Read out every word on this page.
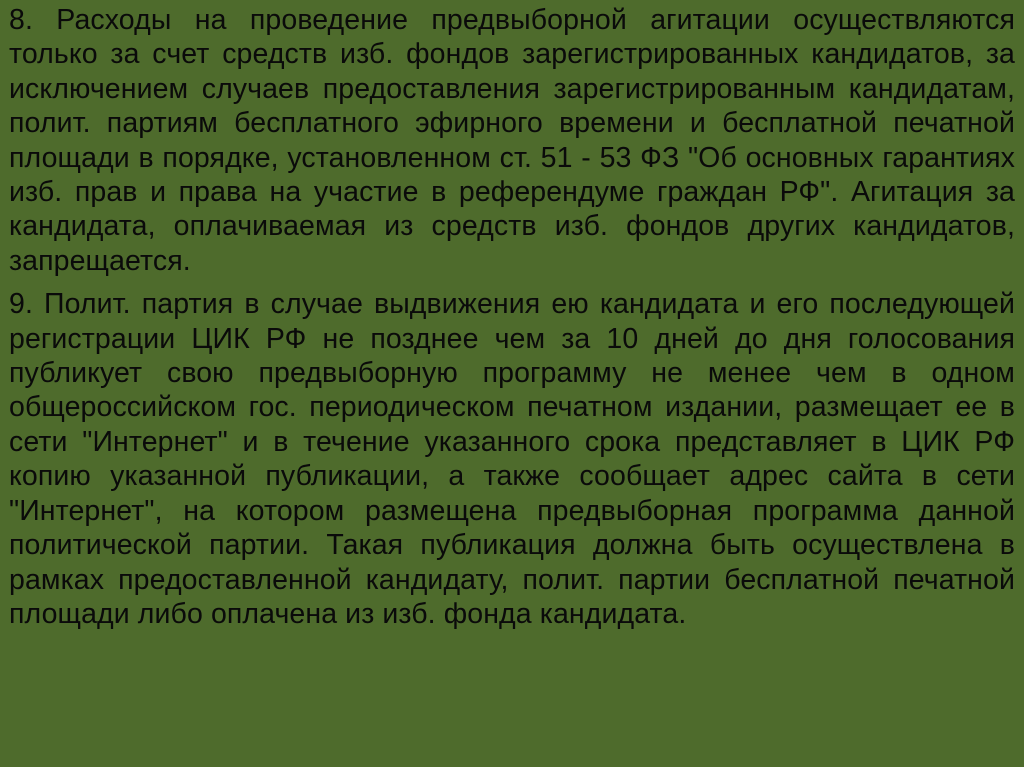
8. Расходы на проведение предвыборной агитации осуществляются только за счет средств изб. фондов зарегистрированных кандидатов, за исключением случаев предоставления зарегистрированным кандидатам, полит. партиям бесплатного эфирного времени и бесплатной печатной площади в порядке, установленном ст. 51 - 53 ФЗ "Об основных гарантиях изб. прав и права на участие в референдуме граждан РФ". Агитация за кандидата, оплачиваемая из средств изб. фондов других кандидатов, запрещается.

9. Полит. партия в случае выдвижения ею кандидата и его последующей регистрации ЦИК РФ не позднее чем за 10 дней до дня голосования публикует свою предвыборную программу не менее чем в одном общероссийском гос. периодическом печатном издании, размещает ее в сети "Интернет" и в течение указанного срока представляет в ЦИК РФ копию указанной публикации, а также сообщает адрес сайта в сети "Интернет", на котором размещена предвыборная программа данной политической партии. Такая публикация должна быть осуществлена в рамках предоставленной кандидату, полит. партии бесплатной печатной площади либо оплачена из изб. фонда кандидата.
